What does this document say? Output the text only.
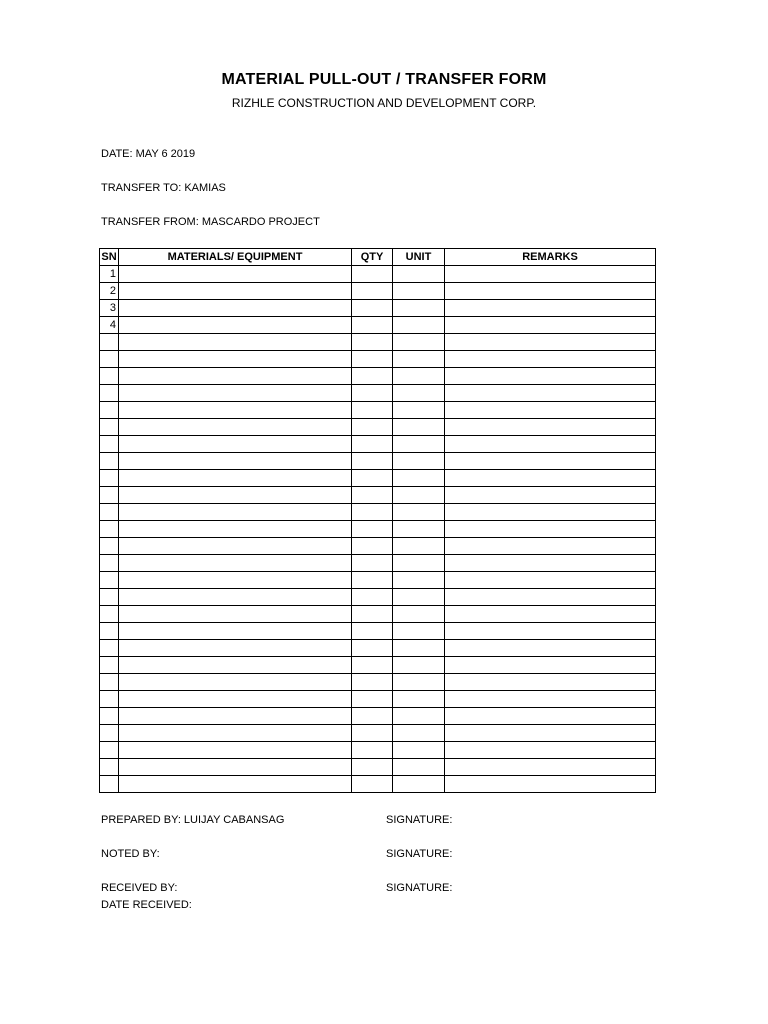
MATERIAL PULL-OUT / TRANSFER FORM
RIZHLE CONSTRUCTION AND DEVELOPMENT CORP.
DATE: MAY 6 2019
TRANSFER TO: KAMIAS
TRANSFER FROM: MASCARDO PROJECT
SN	MATERIALS/ EQUIPMENT	QTY	UNIT	REMARKS
1				
2				
3				
4				

PREPARED BY: LUIJAY CABANSAG	SIGNATURE:
NOTED BY:	SIGNATURE:
RECEIVED BY:	SIGNATURE:
DATE RECEIVED:
